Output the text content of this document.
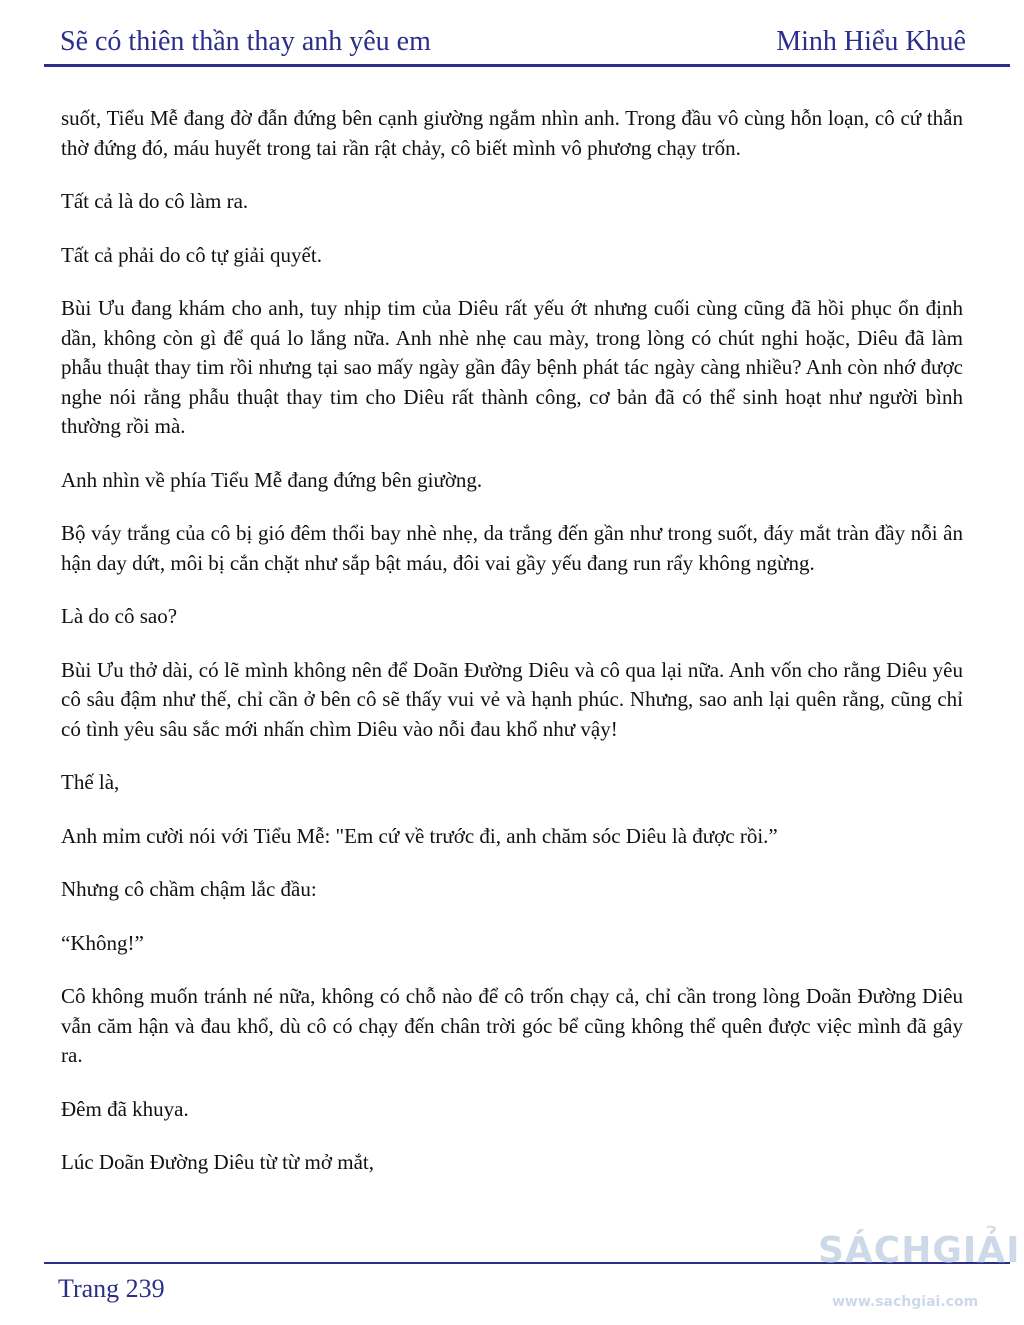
Sẽ có thiên thần thay anh yêu em	Minh Hiểu Khuê

suốt, Tiểu Mễ đang đờ đẫn đứng bên cạnh giường ngắm nhìn anh. Trong đầu vô cùng hỗn loạn, cô cứ thẫn thờ đứng đó, máu huyết trong tai rần rật chảy, cô biết mình vô phương chạy trốn.

Tất cả là do cô làm ra.

Tất cả phải do cô tự giải quyết.

Bùi Ưu đang khám cho anh, tuy nhịp tim của Diêu rất yếu ớt nhưng cuối cùng cũng đã hồi phục ổn định dần, không còn gì để quá lo lắng nữa. Anh nhè nhẹ cau mày, trong lòng có chút nghi hoặc, Diêu đã làm phẫu thuật thay tim rồi nhưng tại sao mấy ngày gần đây bệnh phát tác ngày càng nhiều? Anh còn nhớ được nghe nói rằng phẫu thuật thay tim cho Diêu rất thành công, cơ bản đã có thể sinh hoạt như người bình thường rồi mà.

Anh nhìn về phía Tiểu Mễ đang đứng bên giường.

Bộ váy trắng của cô bị gió đêm thổi bay nhè nhẹ, da trắng đến gần như trong suốt, đáy mắt tràn đầy nỗi ân hận day dứt, môi bị cắn chặt như sắp bật máu, đôi vai gầy yếu đang run rẩy không ngừng.

Là do cô sao?

Bùi Ưu thở dài, có lẽ mình không nên để Doãn Đường Diêu và cô qua lại nữa. Anh vốn cho rằng Diêu yêu cô sâu đậm như thế, chỉ cần ở bên cô sẽ thấy vui vẻ và hạnh phúc. Nhưng, sao anh lại quên rằng, cũng chỉ có tình yêu sâu sắc mới nhấn chìm Diêu vào nỗi đau khổ như vậy!

Thế là,

Anh mỉm cười nói với Tiểu Mễ: "Em cứ về trước đi, anh chăm sóc Diêu là được rồi.”

Nhưng cô chầm chậm lắc đầu:

“Không!”

Cô không muốn tránh né nữa, không có chỗ nào để cô trốn chạy cả, chỉ cần trong lòng Doãn Đường Diêu vẫn căm hận và đau khổ, dù cô có chạy đến chân trời góc bể cũng không thể quên được việc mình đã gây ra.

Đêm đã khuya.

Lúc Doãn Đường Diêu từ từ mở mắt,

Trang 239
SÁCHGIẢI
www.sachgiai.com
